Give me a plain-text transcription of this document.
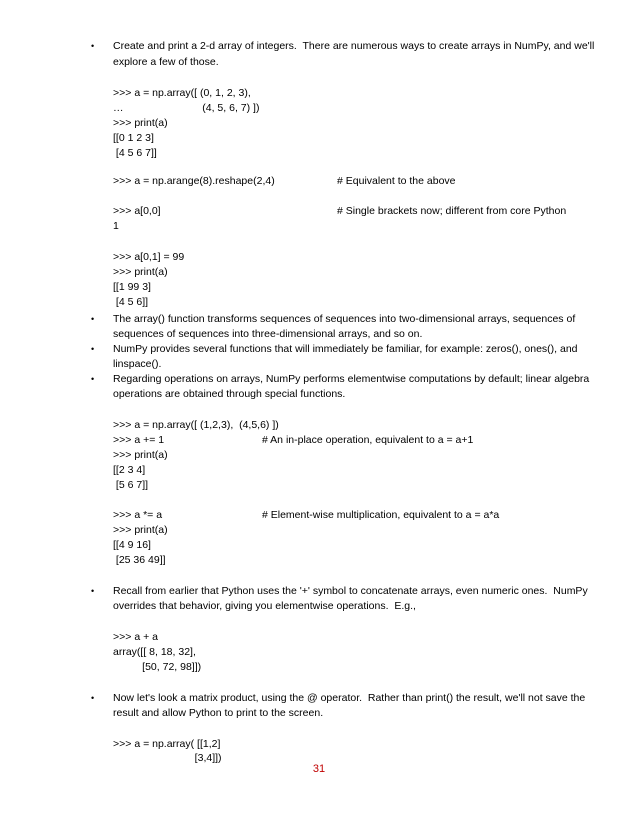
• Create and print a 2-d array of integers.  There are numerous ways to create arrays in NumPy, and we'll
explore a few of those.
>>> a = np.array([ (0, 1, 2, 3),
…                           (4, 5, 6, 7) ])
>>> print(a)
[[0 1 2 3]
[4 5 6 7]]
>>> a = np.arange(8).reshape(2,4)	# Equivalent to the above
>>> a[0,0]	# Single brackets now; different from core Python
1
>>> a[0,1] = 99
>>> print(a)
[[1 99 3]
[4 5 6]]
• The array() function transforms sequences of sequences into two-dimensional arrays, sequences of
sequences of sequences into three-dimensional arrays, and so on.
• NumPy provides several functions that will immediately be familiar, for example: zeros(), ones(), and
linspace().
• Regarding operations on arrays, NumPy performs elementwise computations by default; linear algebra
operations are obtained through special functions.
>>> a = np.array([ (1,2,3),  (4,5,6) ])
>>> a += 1	# An in-place operation, equivalent to a = a+1
>>> print(a)
[[2 3 4]
[5 6 7]]
>>> a *= a	# Element-wise multiplication, equivalent to a = a*a
>>> print(a)
[[4 9 16]
[25 36 49]]
• Recall from earlier that Python uses the '+' symbol to concatenate arrays, even numeric ones.  NumPy
overrides that behavior, giving you elementwise operations.  E.g.,
>>> a + a
array([[ 8, 18, 32],
[50, 72, 98]])
• Now let's look a matrix product, using the @ operator.  Rather than print() the result, we'll not save the
result and allow Python to print to the screen.
>>> a = np.array( [[1,2]
[3,4]])
31
